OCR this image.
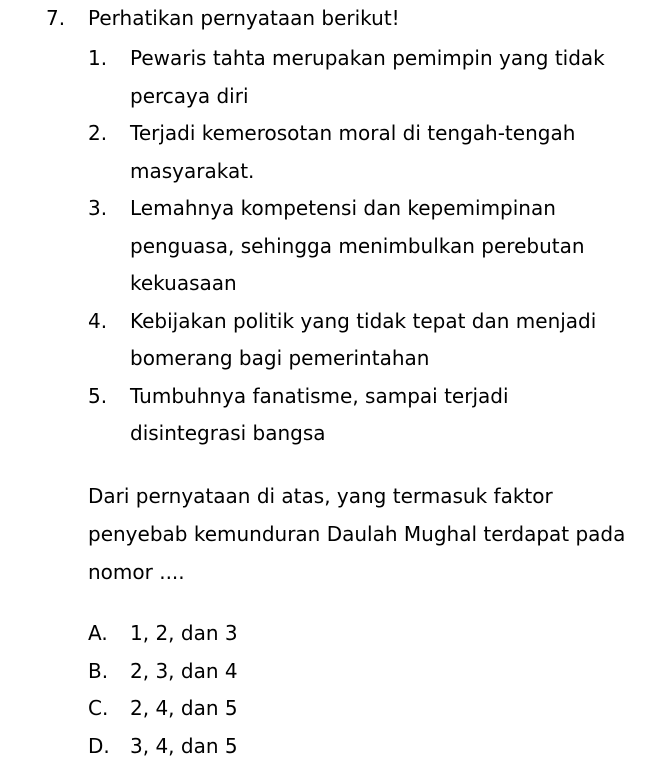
7. Perhatikan pernyataan berikut!
1. Pewaris tahta merupakan pemimpin yang tidak percaya diri
2. Terjadi kemerosotan moral di tengah-tengah masyarakat.
3. Lemahnya kompetensi dan kepemimpinan penguasa, sehingga menimbulkan perebutan kekuasaan
4. Kebijakan politik yang tidak tepat dan menjadi bomerang bagi pemerintahan
5. Tumbuhnya fanatisme, sampai terjadi disintegrasi bangsa
Dari pernyataan di atas, yang termasuk faktor penyebab kemunduran Daulah Mughal terdapat pada nomor ....
A. 1, 2, dan 3
B. 2, 3, dan 4
C. 2, 4, dan 5
D. 3, 4, dan 5
